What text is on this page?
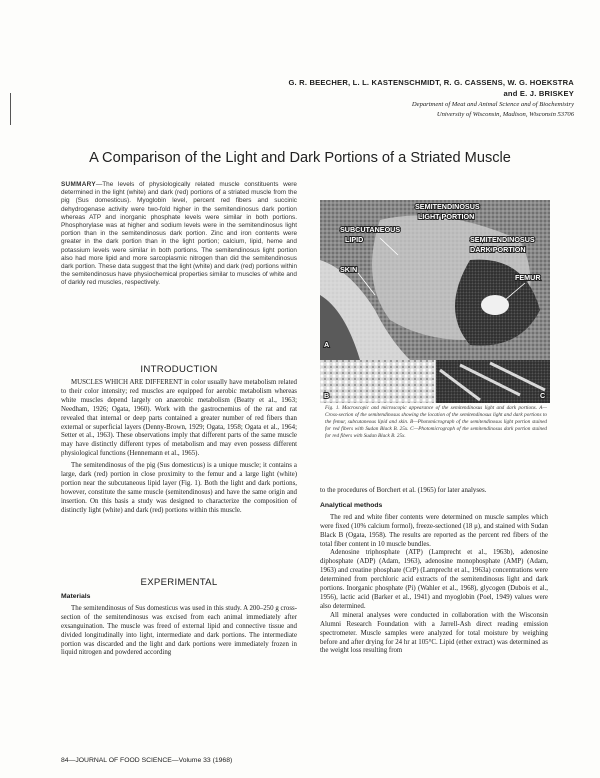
G. R. BEECHER, L. L. KASTENSCHMIDT, R. G. CASSENS, W. G. HOEKSTRA
and E. J. BRISKEY
Department of Meat and Animal Science and of Biochemistry
University of Wisconsin, Madison, Wisconsin 53706
A Comparison of the Light and Dark Portions of a Striated Muscle
SUMMARY—The levels of physiologically related muscle constituents were determined in the light (white) and dark (red) portions of a striated muscle from the pig (Sus domesticus). Myoglobin level, percent red fibers and succinic dehydrogenase activity were two-fold higher in the semitendinosus dark portion whereas ATP and inorganic phosphate levels were similar in both portions. Phosphorylase was at higher and sodium levels were in the semitendinosus light portion than in the semitendinosus dark portion. Zinc and iron contents were greater in the dark portion than in the light portion; calcium, lipid, heme and potassium levels were similar in both portions. The semitendinosus light portion also had more lipid and more sarcoplasmic nitrogen than did the semitendinosus dark portion. These data suggest that the light (white) and dark (red) portions within the semitendinosus have physiochemical properties similar to muscles of white and of darkly red muscles, respectively.
INTRODUCTION

MUSCLES WHICH ARE DIFFERENT in color usually have metabolism related to their color intensity; red muscles are equipped for aerobic metabolism whereas white muscles depend largely on anaerobic metabolism (Beatty et al., 1963; Needham, 1926; Ogata, 1960). Work with the gastrocnemius of the rat and rat revealed that internal or deep parts contained a greater number of red fibers than external or superficial layers (Denny-Brown, 1929; Ogata, 1958; Ogata et al., 1964; Setter et al., 1963). These observations imply that different parts of the same muscle may have distinctly different types of metabolism and may even possess different physiological functions (Hennemann et al., 1965).

The semitendinosus of the pig (Sus domesticus) is a unique muscle; it contains a large, dark (red) portion in close proximity to the femur and a large light (white) portion near the subcutaneous lipid layer (Fig. 1). Both the light and dark portions, however, constitute the same muscle (semitendinosus) and have the same origin and insertion. On this basis a study was designed to characterize the composition of distinctly light (white) and dark (red) portions within this muscle.

EXPERIMENTAL
Materials

The semitendinosus of Sus domesticus was used in this study. A 200–250 g cross-section of the semitendinosus was excised from each animal immediately after exsanguination. The muscle was freed of external lipid and connective tissue and divided longitudinally into light, intermediate and dark portions. The intermediate portion was discarded and the light and dark portions were immediately frozen in liquid nitrogen and powdered according

SEMITENDINOSUS
LIGHT PORTION
SUBCUTANEOUS
LIPID	SEMITENDINOSUS
DARK PORTION
SKIN
FEMUR
A
B	C
Fig. 1. Macroscopic and microscopic appearance of the semitendinosus light and dark portions. A—Cross-section of the semitendinosus showing the location of the semitendinosus light and dark portions to the femur, subcutaneous lipid and skin. B—Photomicrograph of the semitendinosus light portion stained for red fibers with Sudan Black B. 25x. C—Photomicrograph of the semitendinosus dark portion stained for red fibers with Sudan Black B. 25x.
to the procedures of Borchert et al. (1965) for later analyses.
Analytical methods

The red and white fiber contents were determined on muscle samples which were fixed (10% calcium formol), freeze-sectioned (18 μ), and stained with Sudan Black B (Ogata, 1958). The results are reported as the percent red fibers of the total fiber content in 10 muscle bundles.

Adenosine triphosphate (ATP) (Lamprecht et al., 1963b), adenosine diphosphate (ADP) (Adam, 1963), adenosine monophosphate (AMP) (Adam, 1963) and creatine phosphate (CrP) (Lamprecht et al., 1963a) concentrations were determined from perchloric acid extracts of the semitendinosus light and dark portions. Inorganic phosphate (Pi) (Wahler et al., 1968), glycogen (Dubois et al., 1956), lactic acid (Barker et al., 1941) and myoglobin (Poel, 1949) values were also determined.

All mineral analyses were conducted in collaboration with the Wisconsin Alumni Research Foundation with a Jarrell-Ash direct reading emission spectrometer. Muscle samples were analyzed for total moisture by weighing before and after drying for 24 hr at 105°C. Lipid (ether extract) was determined as the weight loss resulting from

84—JOURNAL OF FOOD SCIENCE—Volume 33 (1968)
